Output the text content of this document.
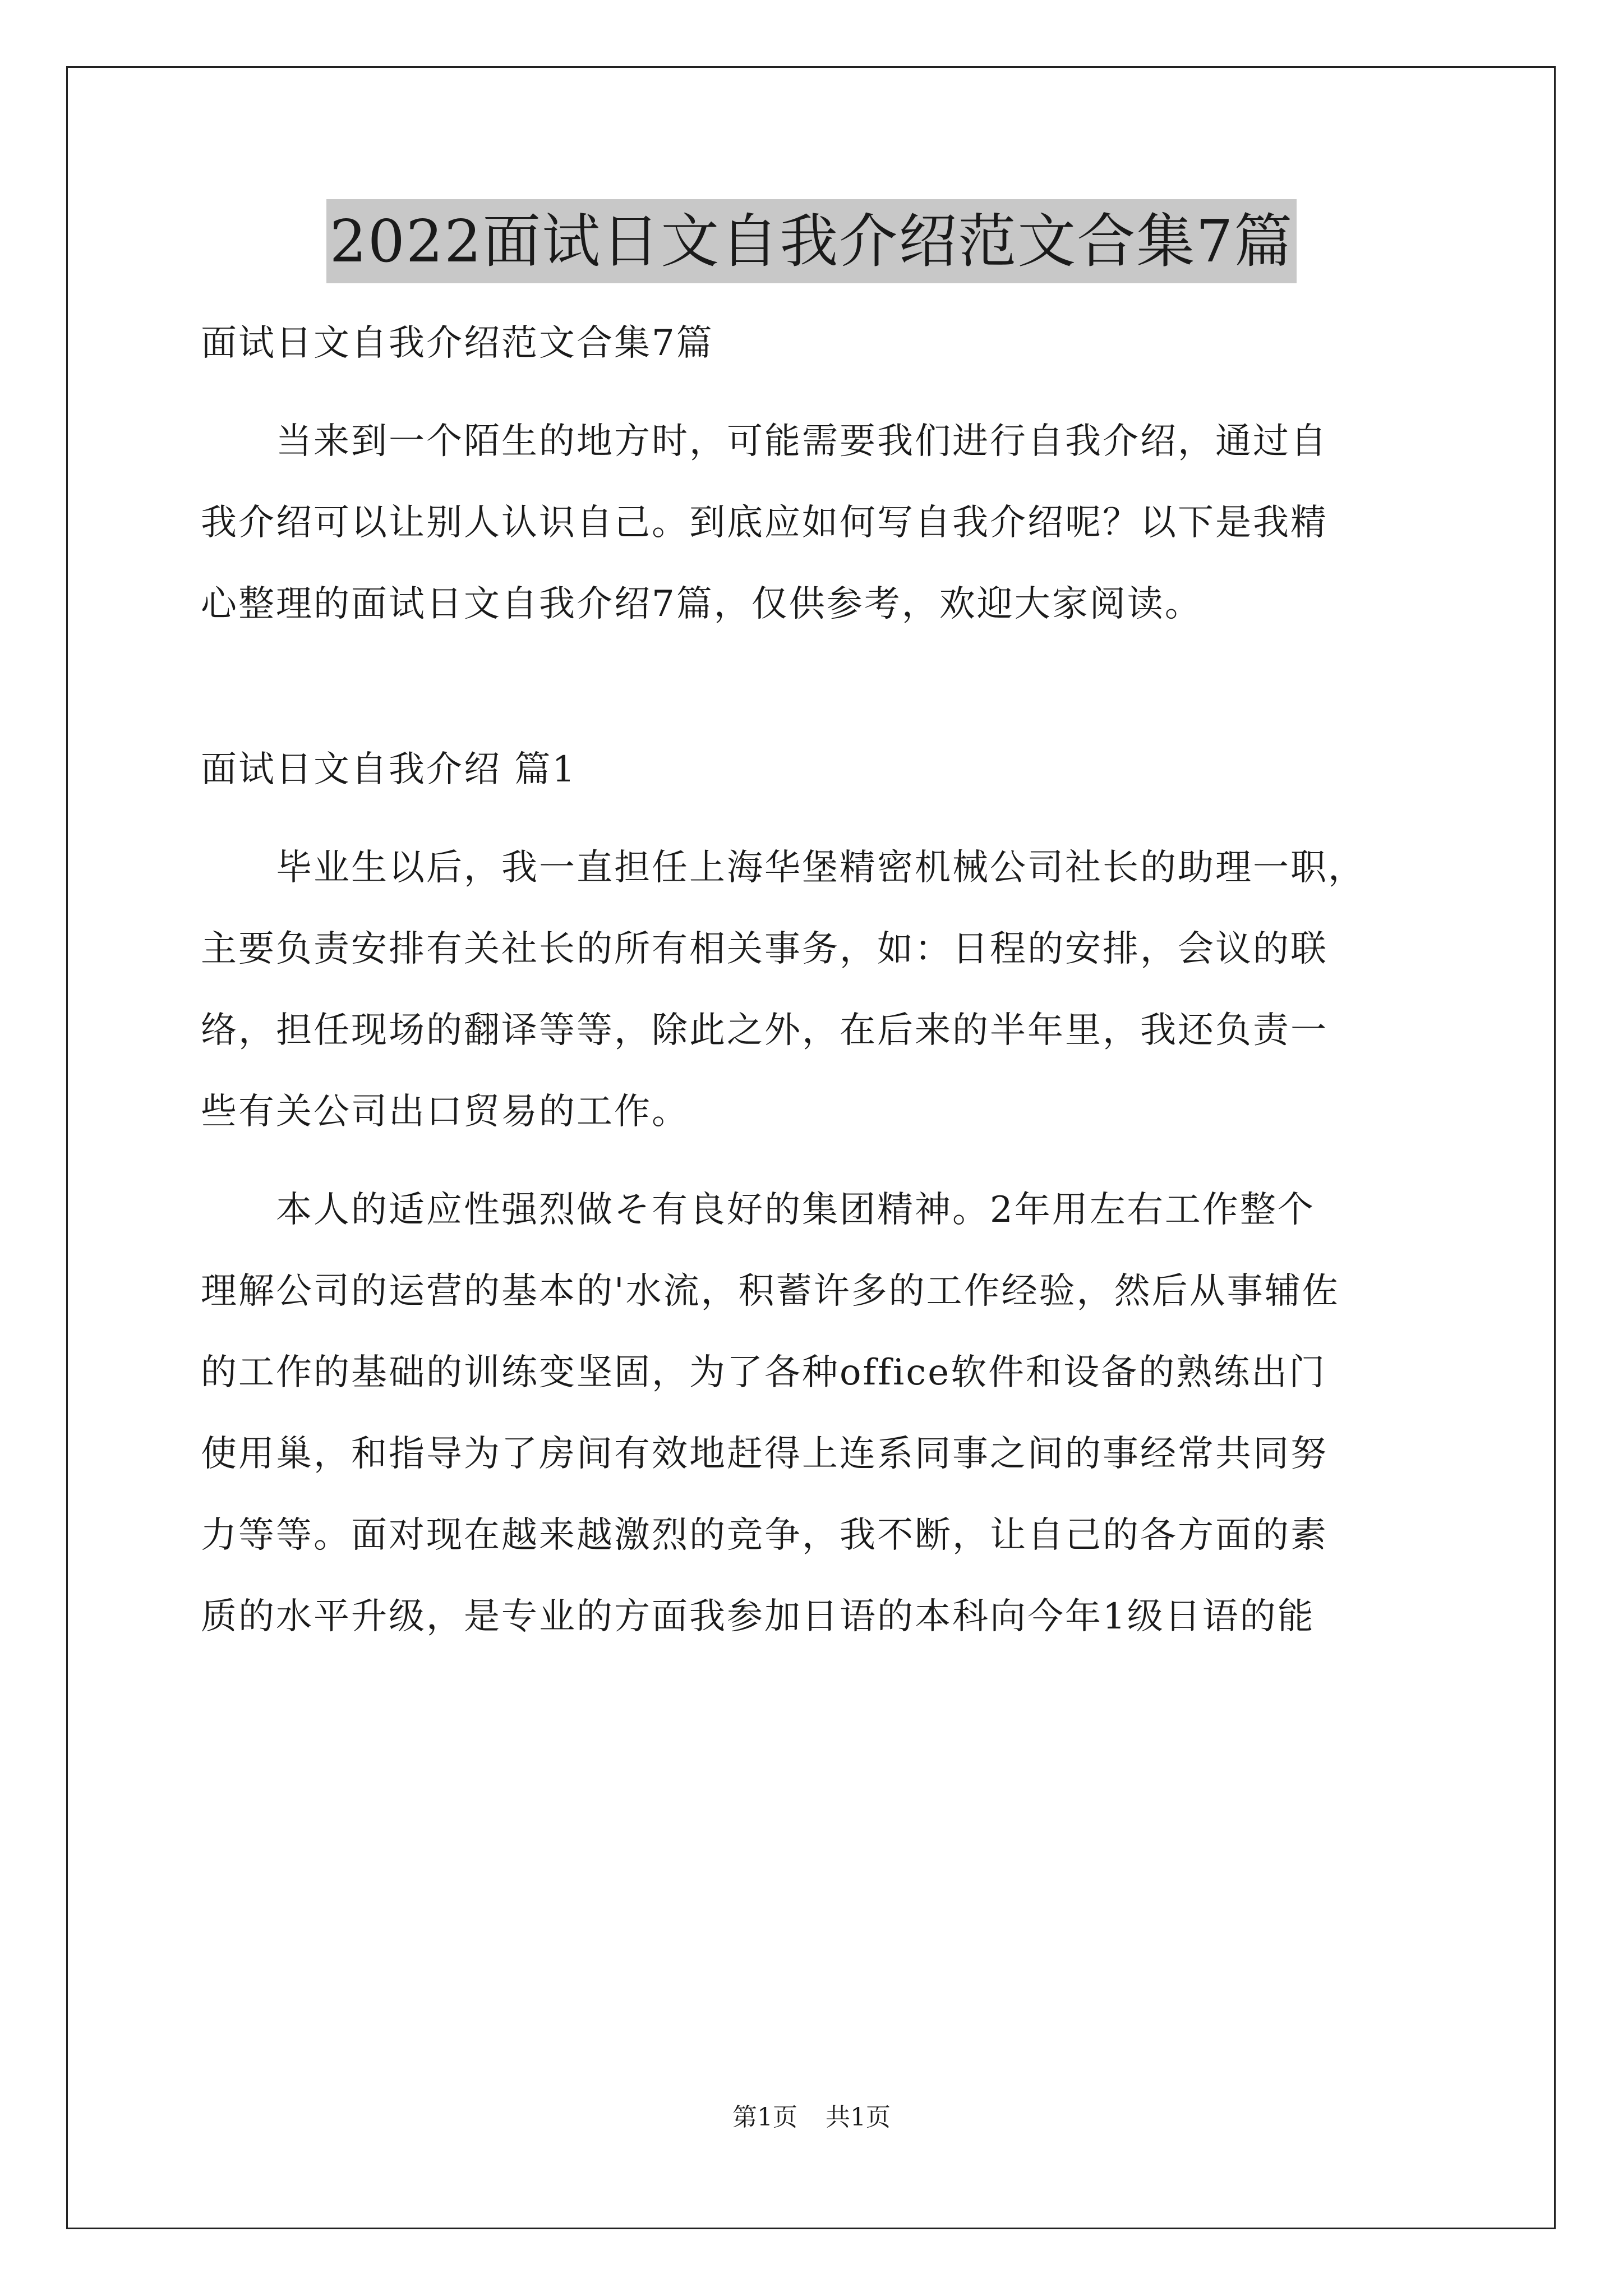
2022面试日文自我介绍范文合集7篇
面试日文自我介绍范文合集7篇
　　当来到一个陌生的地方时，可能需要我们进行自我介绍，通过自
我介绍可以让别人认识自己。到底应如何写自我介绍呢？以下是我精
心整理的面试日文自我介绍7篇，仅供参考，欢迎大家阅读。
面试日文自我介绍 篇1
　　毕业生以后，我一直担任上海华堡精密机械公司社长的助理一职，
主要负责安排有关社长的所有相关事务，如：日程的安排，会议的联
络，担任现场的翻译等等，除此之外，在后来的半年里，我还负责一
些有关公司出口贸易的工作。
　　本人的适应性强烈做そ有良好的集团精神。2年用左右工作整个
理解公司的运营的基本的'水流，积蓄许多的工作经验，然后从事辅佐
的工作的基础的训练变坚固，为了各种office软件和设备的熟练出门
使用巢，和指导为了房间有效地赶得上连系同事之间的事经常共同努
力等等。面对现在越来越激烈的竞争，我不断，让自己的各方面的素
质的水平升级，是专业的方面我参加日语的本科向今年1级日语的能
第1页 共1页
